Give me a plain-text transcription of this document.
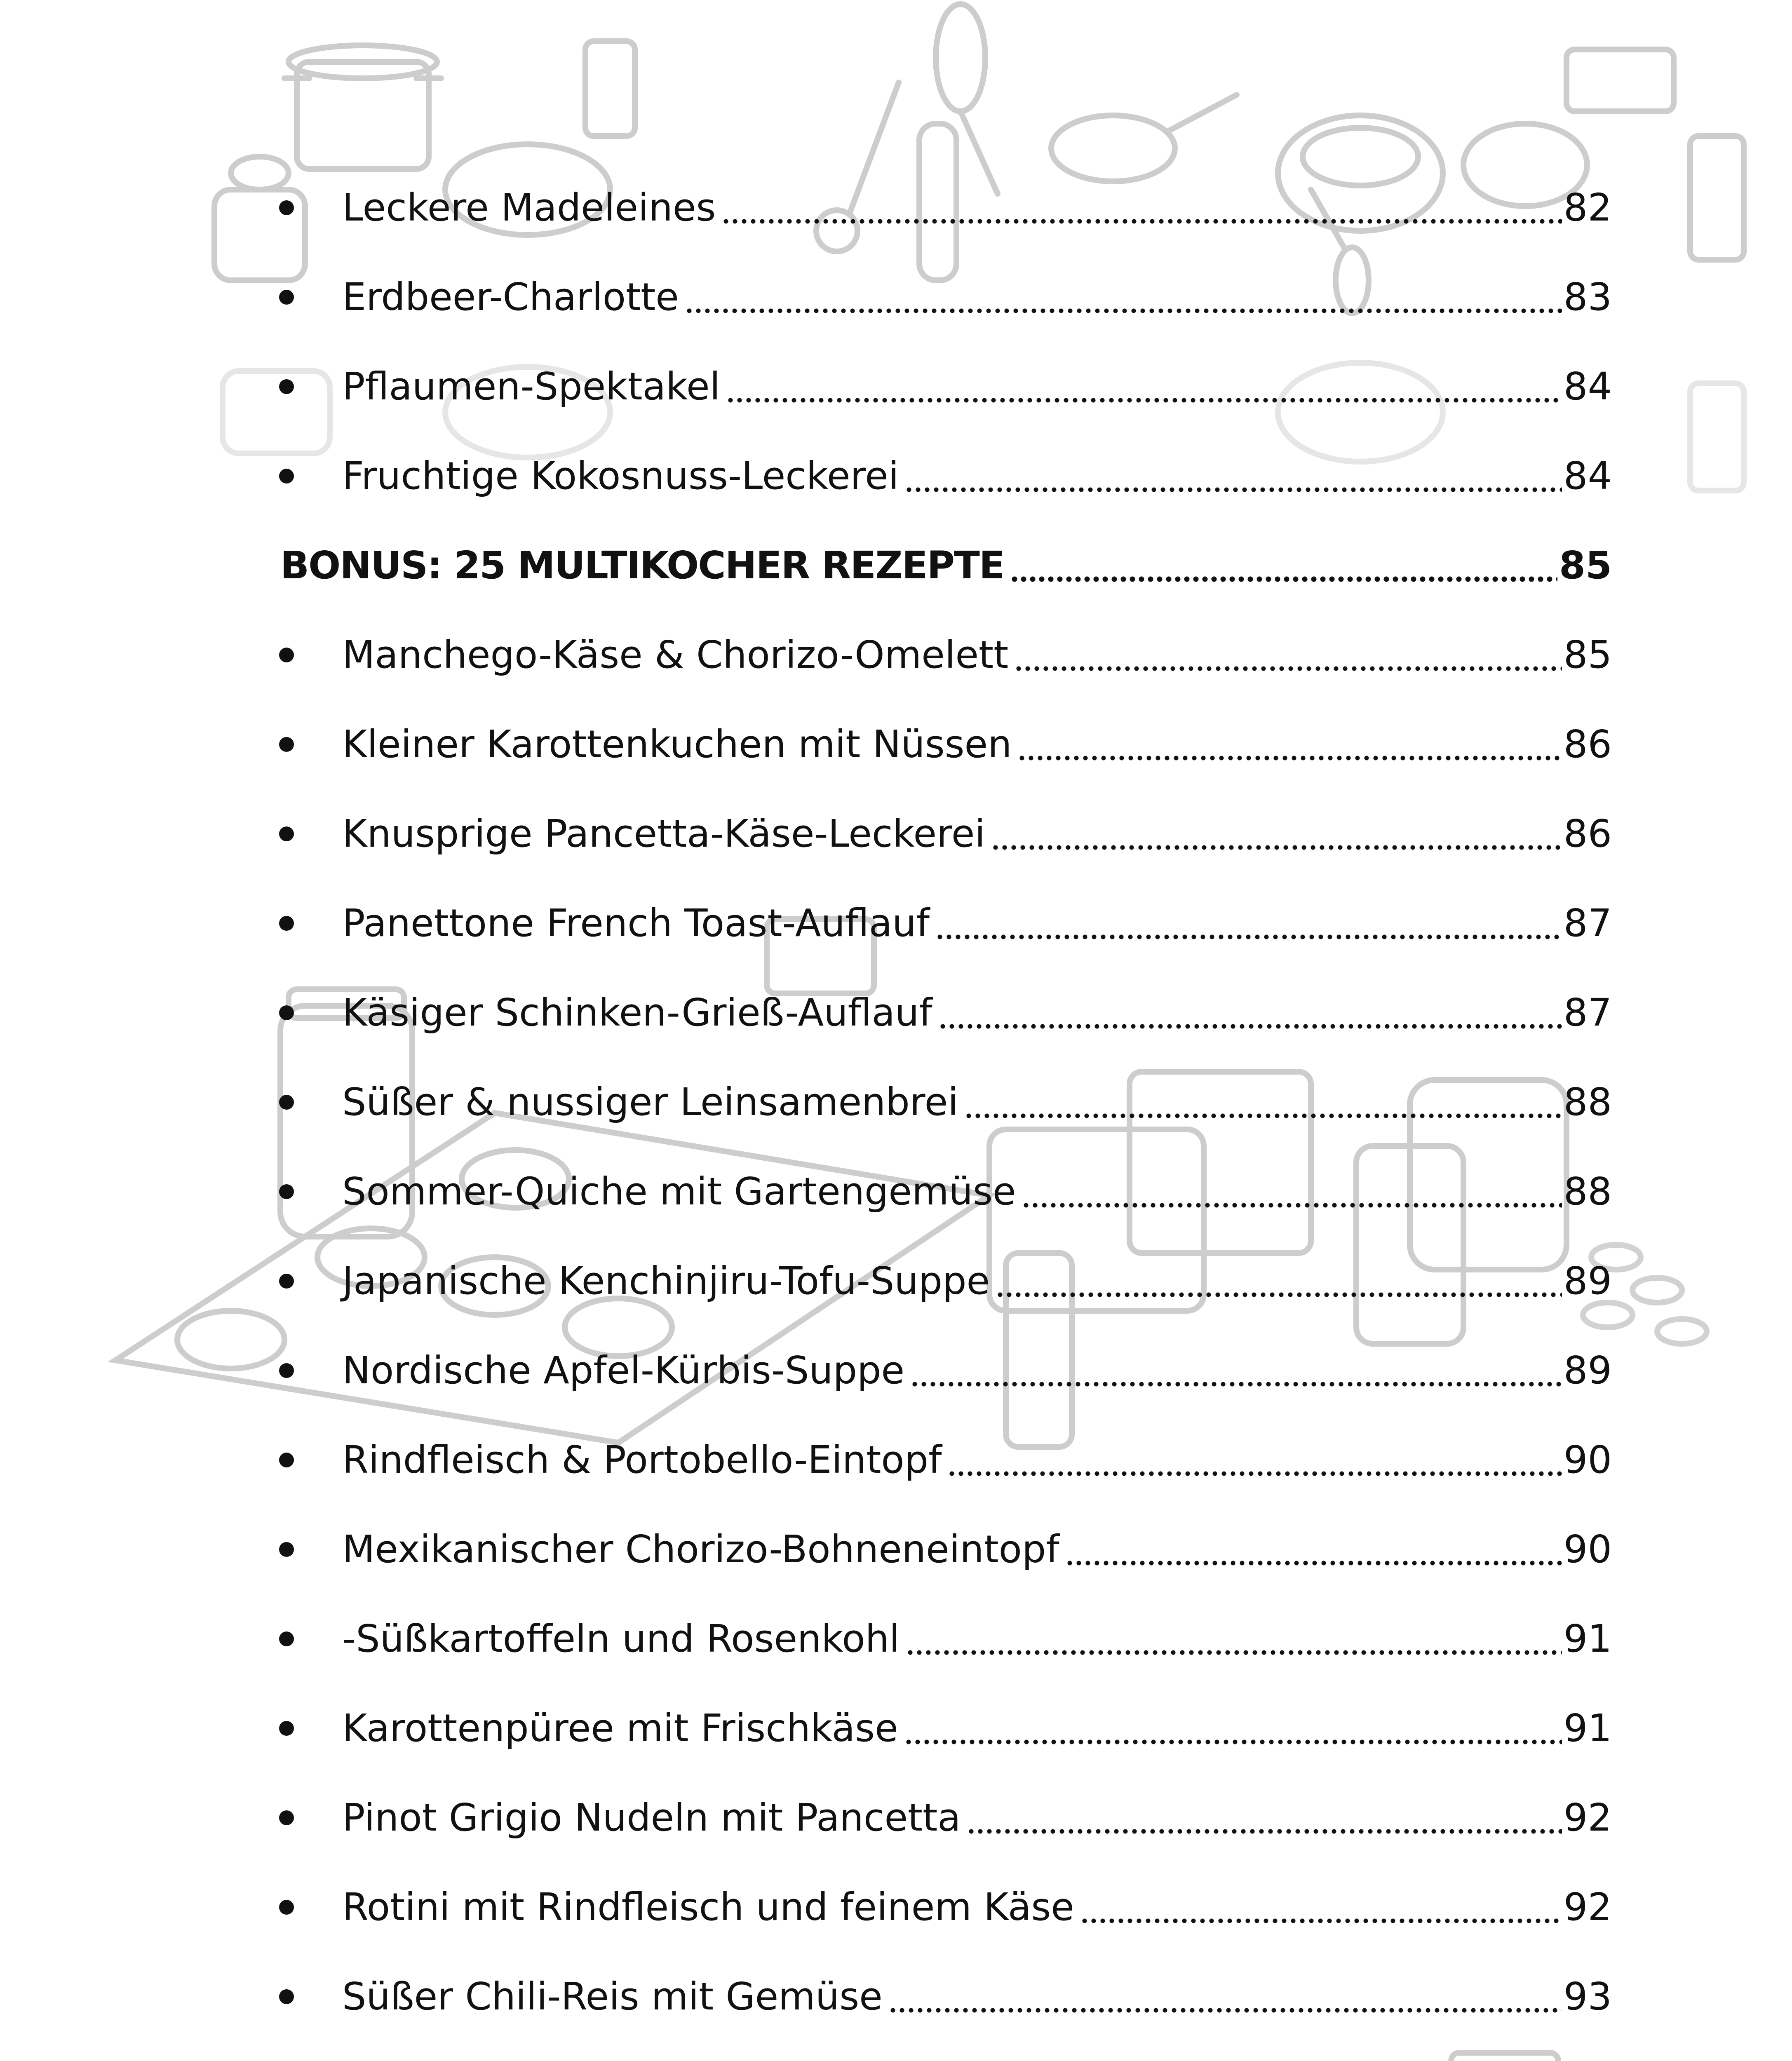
Leckere Madeleines	82
Erdbeer-Charlotte	83
Pflaumen-Spektakel	84
Fruchtige Kokosnuss-Leckerei	84
BONUS: 25 MULTIKOCHER REZEPTE	85
Manchego-Käse & Chorizo-Omelett	85
Kleiner Karottenkuchen mit Nüssen	86
Knusprige Pancetta-Käse-Leckerei	86
Panettone French Toast-Auflauf	87
Käsiger Schinken-Grieß-Auflauf	87
Süßer & nussiger Leinsamenbrei	88
Sommer-Quiche mit Gartengemüse	88
Japanische Kenchinjiru-Tofu-Suppe	89
Nordische Apfel-Kürbis-Suppe	89
Rindfleisch & Portobello-Eintopf	90
Mexikanischer Chorizo-Bohneneintopf	90
-Süßkartoffeln und Rosenkohl	91
Karottenpüree mit Frischkäse	91
Pinot Grigio Nudeln mit Pancetta	92
Rotini mit Rindfleisch und feinem Käse	92
Süßer Chili-Reis mit Gemüse	93
